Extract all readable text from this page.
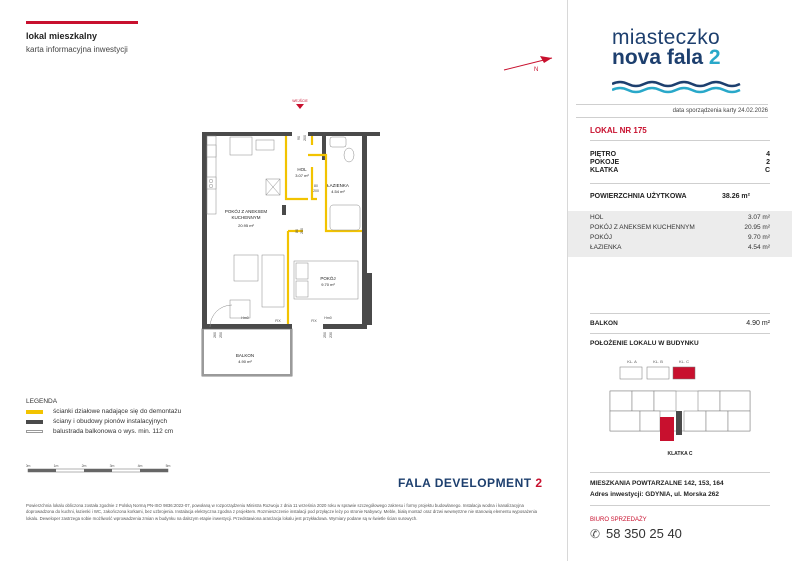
lokal mieszkalny
karta informacyjna inwestycji
N
WEJŚCIE
HOL
3.07 m²
ŁAZIENKA
4.54 m²
POKÓJ Z ANEKSEM
KUCHENNYM
20.95 m²
POKÓJ
9.70 m²
BALKON
4.90 m²
90 200
80
200
80 200
FIX	FIX
Hm0	Hm0
260 250	250 230
LEGENDA
ścianki działowe nadające się do demontażu
ściany i obudowy pionów instalacyjnych
balustrada balkonowa o wys. min. 112 cm
0m	1m	2m	3m	4m	5m
FALA DEVELOPMENT 2
Powierzchnia lokalu obliczona została zgodnie z Polską Normą PN-ISO 9836:2022-07, powołaną w rozporządzeniu Ministra Rozwoju z dnia 11 września 2020 roku w sprawie szczegółowego zakresu i formy projektu budowlanego. Instalacja wodna i kanalizacyjna doprowadzona do kuchni, łazienki i WC, zakończona korkami, bez uzbrojenia. Instalacja elektryczna zgodna z projektem. Rozmieszczenie instalacji pod przyłącze leży po stronie Nabywcy. Meble, białą montaż oraz drzwi wewnętrzne nie stanowią elementu wyposażenia lokalu. Deweloper zastrzega sobie możliwość wprowadzenia zmian w budynku na dalszym etapie inwestycji. Przedstawiona aranżacja lokalu jest przykładowa. Wymiary podane są w świetle ścian surowych.
miasteczko
nova fala 2
data sporządzenia karty 24.02.2026
LOKAL NR 175
PIĘTRO	4
POKOJE	2
KLATKA	C
POWIERZCHNIA UŻYTKOWA	38.26 m²
HOL	3.07 m²
POKÓJ Z ANEKSEM KUCHENNYM	20.95 m²
POKÓJ	9.70 m²
ŁAZIENKA	4.54 m²
BALKON	4.90 m²
POŁOŻENIE LOKALU W BUDYNKU
KL. A	KL. B	KL. C
KLATKA C
MIESZKANIA POWTARZALNE 142, 153, 164
Adres inwestycji: GDYNIA, ul. Morska 262
BIURO SPRZEDAŻY
✆ 58 350 25 40
